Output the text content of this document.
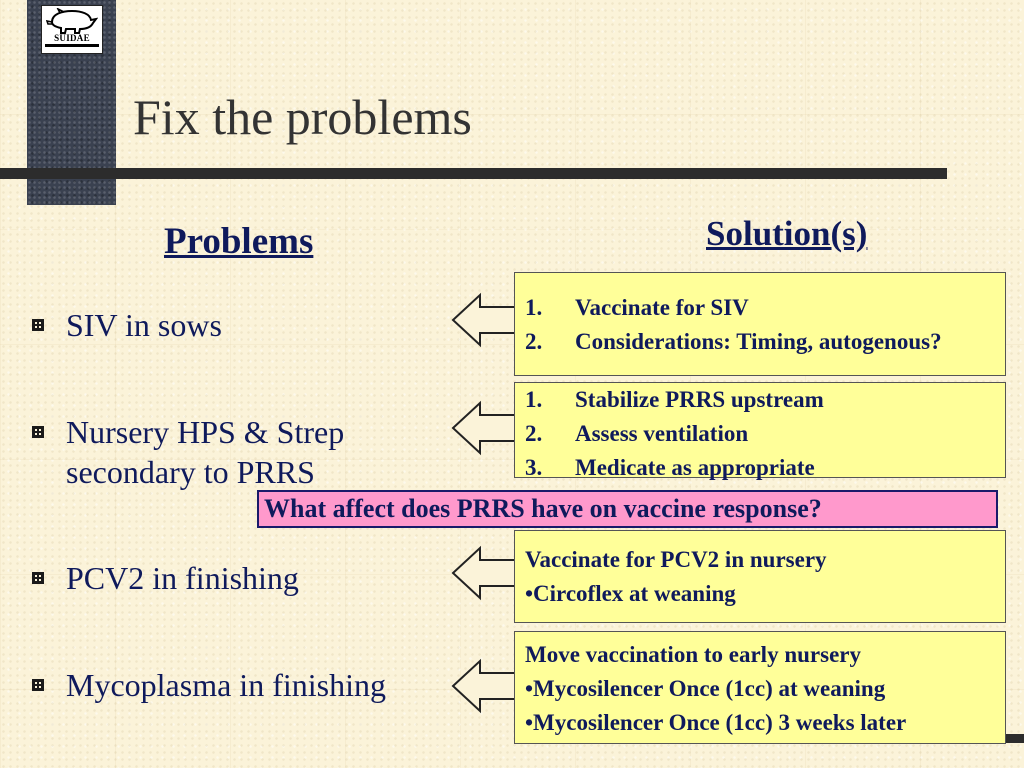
SUIDAE
Fix the problems
Problems	Solution(s)
SIV in sows
Nursery HPS & Strep
secondary to PRRS
PCV2 in finishing
Mycoplasma in finishing
1.	Vaccinate for SIV
2.	Considerations: Timing, autogenous?
1.	Stabilize PRRS upstream
2.	Assess ventilation
3.	Medicate as appropriate
Vaccinate for PCV2 in nursery
•Circoflex at weaning
Move vaccination to early nursery
•Mycosilencer Once (1cc) at weaning
•Mycosilencer Once (1cc) 3 weeks later
What affect does PRRS have on vaccine response?
